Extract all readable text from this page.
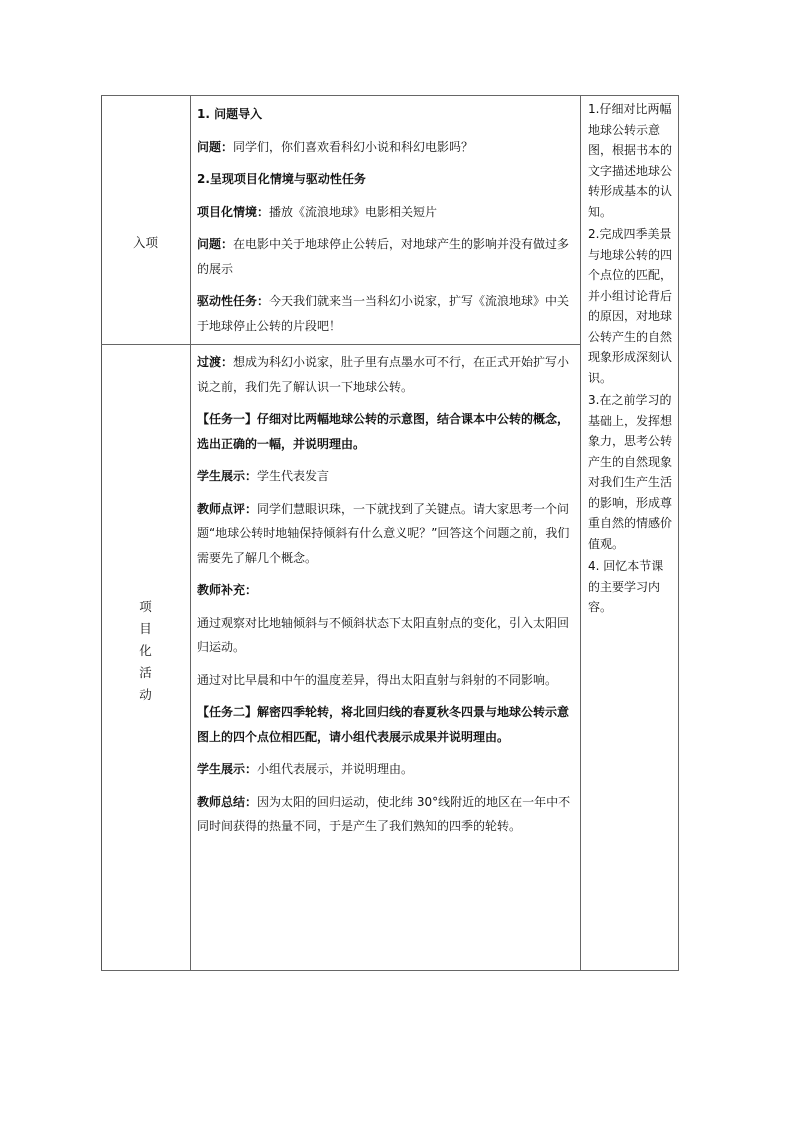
入项

1. 问题导入

问题：同学们，你们喜欢看科幻小说和科幻电影吗？

2.呈现项目化情境与驱动性任务

项目化情境：播放《流浪地球》电影相关短片

问题：在电影中关于地球停止公转后，对地球产生的影响并没有做过多的展示

驱动性任务：今天我们就来当一当科幻小说家，扩写《流浪地球》中关于地球停止公转的片段吧！

项
目
化
活
动

过渡：想成为科幻小说家，肚子里有点墨水可不行，在正式开始扩写小说之前，我们先了解认识一下地球公转。

【任务一】仔细对比两幅地球公转的示意图，结合课本中公转的概念，选出正确的一幅，并说明理由。

学生展示：学生代表发言

教师点评：同学们慧眼识珠，一下就找到了关键点。请大家思考一个问题“地球公转时地轴保持倾斜有什么意义呢？”回答这个问题之前，我们需要先了解几个概念。

教师补充：

通过观察对比地轴倾斜与不倾斜状态下太阳直射点的变化，引入太阳回归运动。

通过对比早晨和中午的温度差异，得出太阳直射与斜射的不同影响。

【任务二】解密四季轮转，将北回归线的春夏秋冬四景与地球公转示意图上的四个点位相匹配，请小组代表展示成果并说明理由。

学生展示：小组代表展示，并说明理由。

教师总结：因为太阳的回归运动，使北纬 30°线附近的地区在一年中不同时间获得的热量不同，于是产生了我们熟知的四季的轮转。

1.仔细对比两幅地球公转示意图，根据书本的文字描述地球公转形成基本的认知。

2.完成四季美景与地球公转的四个点位的匹配，并小组讨论背后的原因，对地球公转产生的自然现象形成深刻认识。

3.在之前学习的基础上，发挥想象力，思考公转产生的自然现象对我们生产生活的影响，形成尊重自然的情感价值观。

4. 回忆本节课的主要学习内容。
